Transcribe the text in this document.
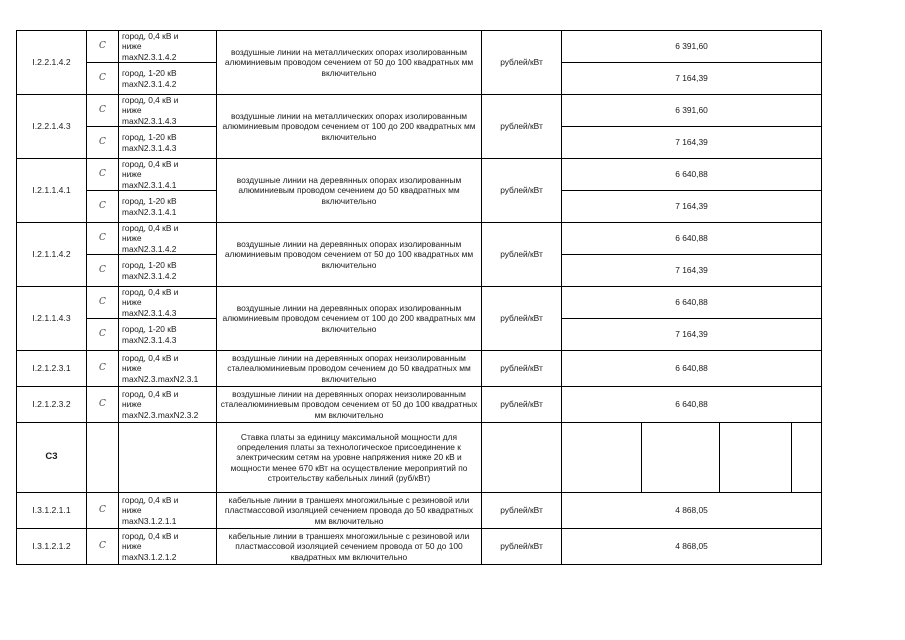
I.2.2.1.4.2	С	город, 0,4 кВ и
ниже
maxN2.3.1.4.2	воздушные линии на металлических опорах изолированным алюминиевым проводом сечением от 50 до 100 квадратных мм включительно	рублей/кВт	6 391,60			
	С	город, 1-20 кВ
maxN2.3.1.4.2			7 164,39			
I.2.2.1.4.3	С	город, 0,4 кВ и
ниже
maxN2.3.1.4.3	воздушные линии на металлических опорах изолированным алюминиевым проводом сечением от 100 до 200 квадратных мм включительно	рублей/кВт	6 391,60			
	С	город, 1-20 кВ
maxN2.3.1.4.3			7 164,39			
I.2.1.1.4.1	С	город, 0,4 кВ и
ниже
maxN2.3.1.4.1	воздушные линии на деревянных опорах изолированным алюминиевым проводом сечением до 50 квадратных мм включительно	рублей/кВт	6 640,88			
	С	город, 1-20 кВ
maxN2.3.1.4.1			7 164,39			
I.2.1.1.4.2	С	город, 0,4 кВ и
ниже
maxN2.3.1.4.2	воздушные линии на деревянных опорах изолированным алюминиевым проводом сечением от 50 до 100 квадратных мм включительно	рублей/кВт	6 640,88			
	С	город, 1-20 кВ
maxN2.3.1.4.2			7 164,39			
I.2.1.1.4.3	С	город, 0,4 кВ и
ниже
maxN2.3.1.4.3	воздушные линии на деревянных опорах изолированным алюминиевым проводом сечением от 100 до 200 квадратных мм включительно	рублей/кВт	6 640,88			
	С	город, 1-20 кВ
maxN2.3.1.4.3			7 164,39			
I.2.1.2.3.1	С	город, 0,4 кВ и
ниже
maxN2.3.maxN2.3.1	воздушные линии на деревянных опорах неизолированным сталеалюминиевым проводом сечением до 50 квадратных мм включительно	рублей/кВт	6 640,88			
I.2.1.2.3.2	С	город, 0,4 кВ и
ниже
maxN2.3.maxN2.3.2	воздушные линии на деревянных опорах неизолированным сталеалюминиевым проводом сечением от 50 до 100 квадратных мм включительно	рублей/кВт	6 640,88			
С3			Ставка платы за единицу максимальной мощности для определения платы за технологическое присоединение к электрическим сетям на уровне напряжения ниже 20 кВ и мощности менее 670 кВт на осуществление мероприятий по строительству кабельных линий (руб/кВт)					
I.3.1.2.1.1	С	город, 0,4 кВ и
ниже
maxN3.1.2.1.1	кабельные линии в траншеях многожильные с резиновой или пластмассовой изоляцией сечением провода до 50 квадратных мм включительно	рублей/кВт	4 868,05			
I.3.1.2.1.2	С	город, 0,4 кВ и
ниже
maxN3.1.2.1.2	кабельные линии в траншеях многожильные с резиновой или пластмассовой изоляцией сечением провода от 50 до 100 квадратных мм включительно	рублей/кВт	4 868,05			
